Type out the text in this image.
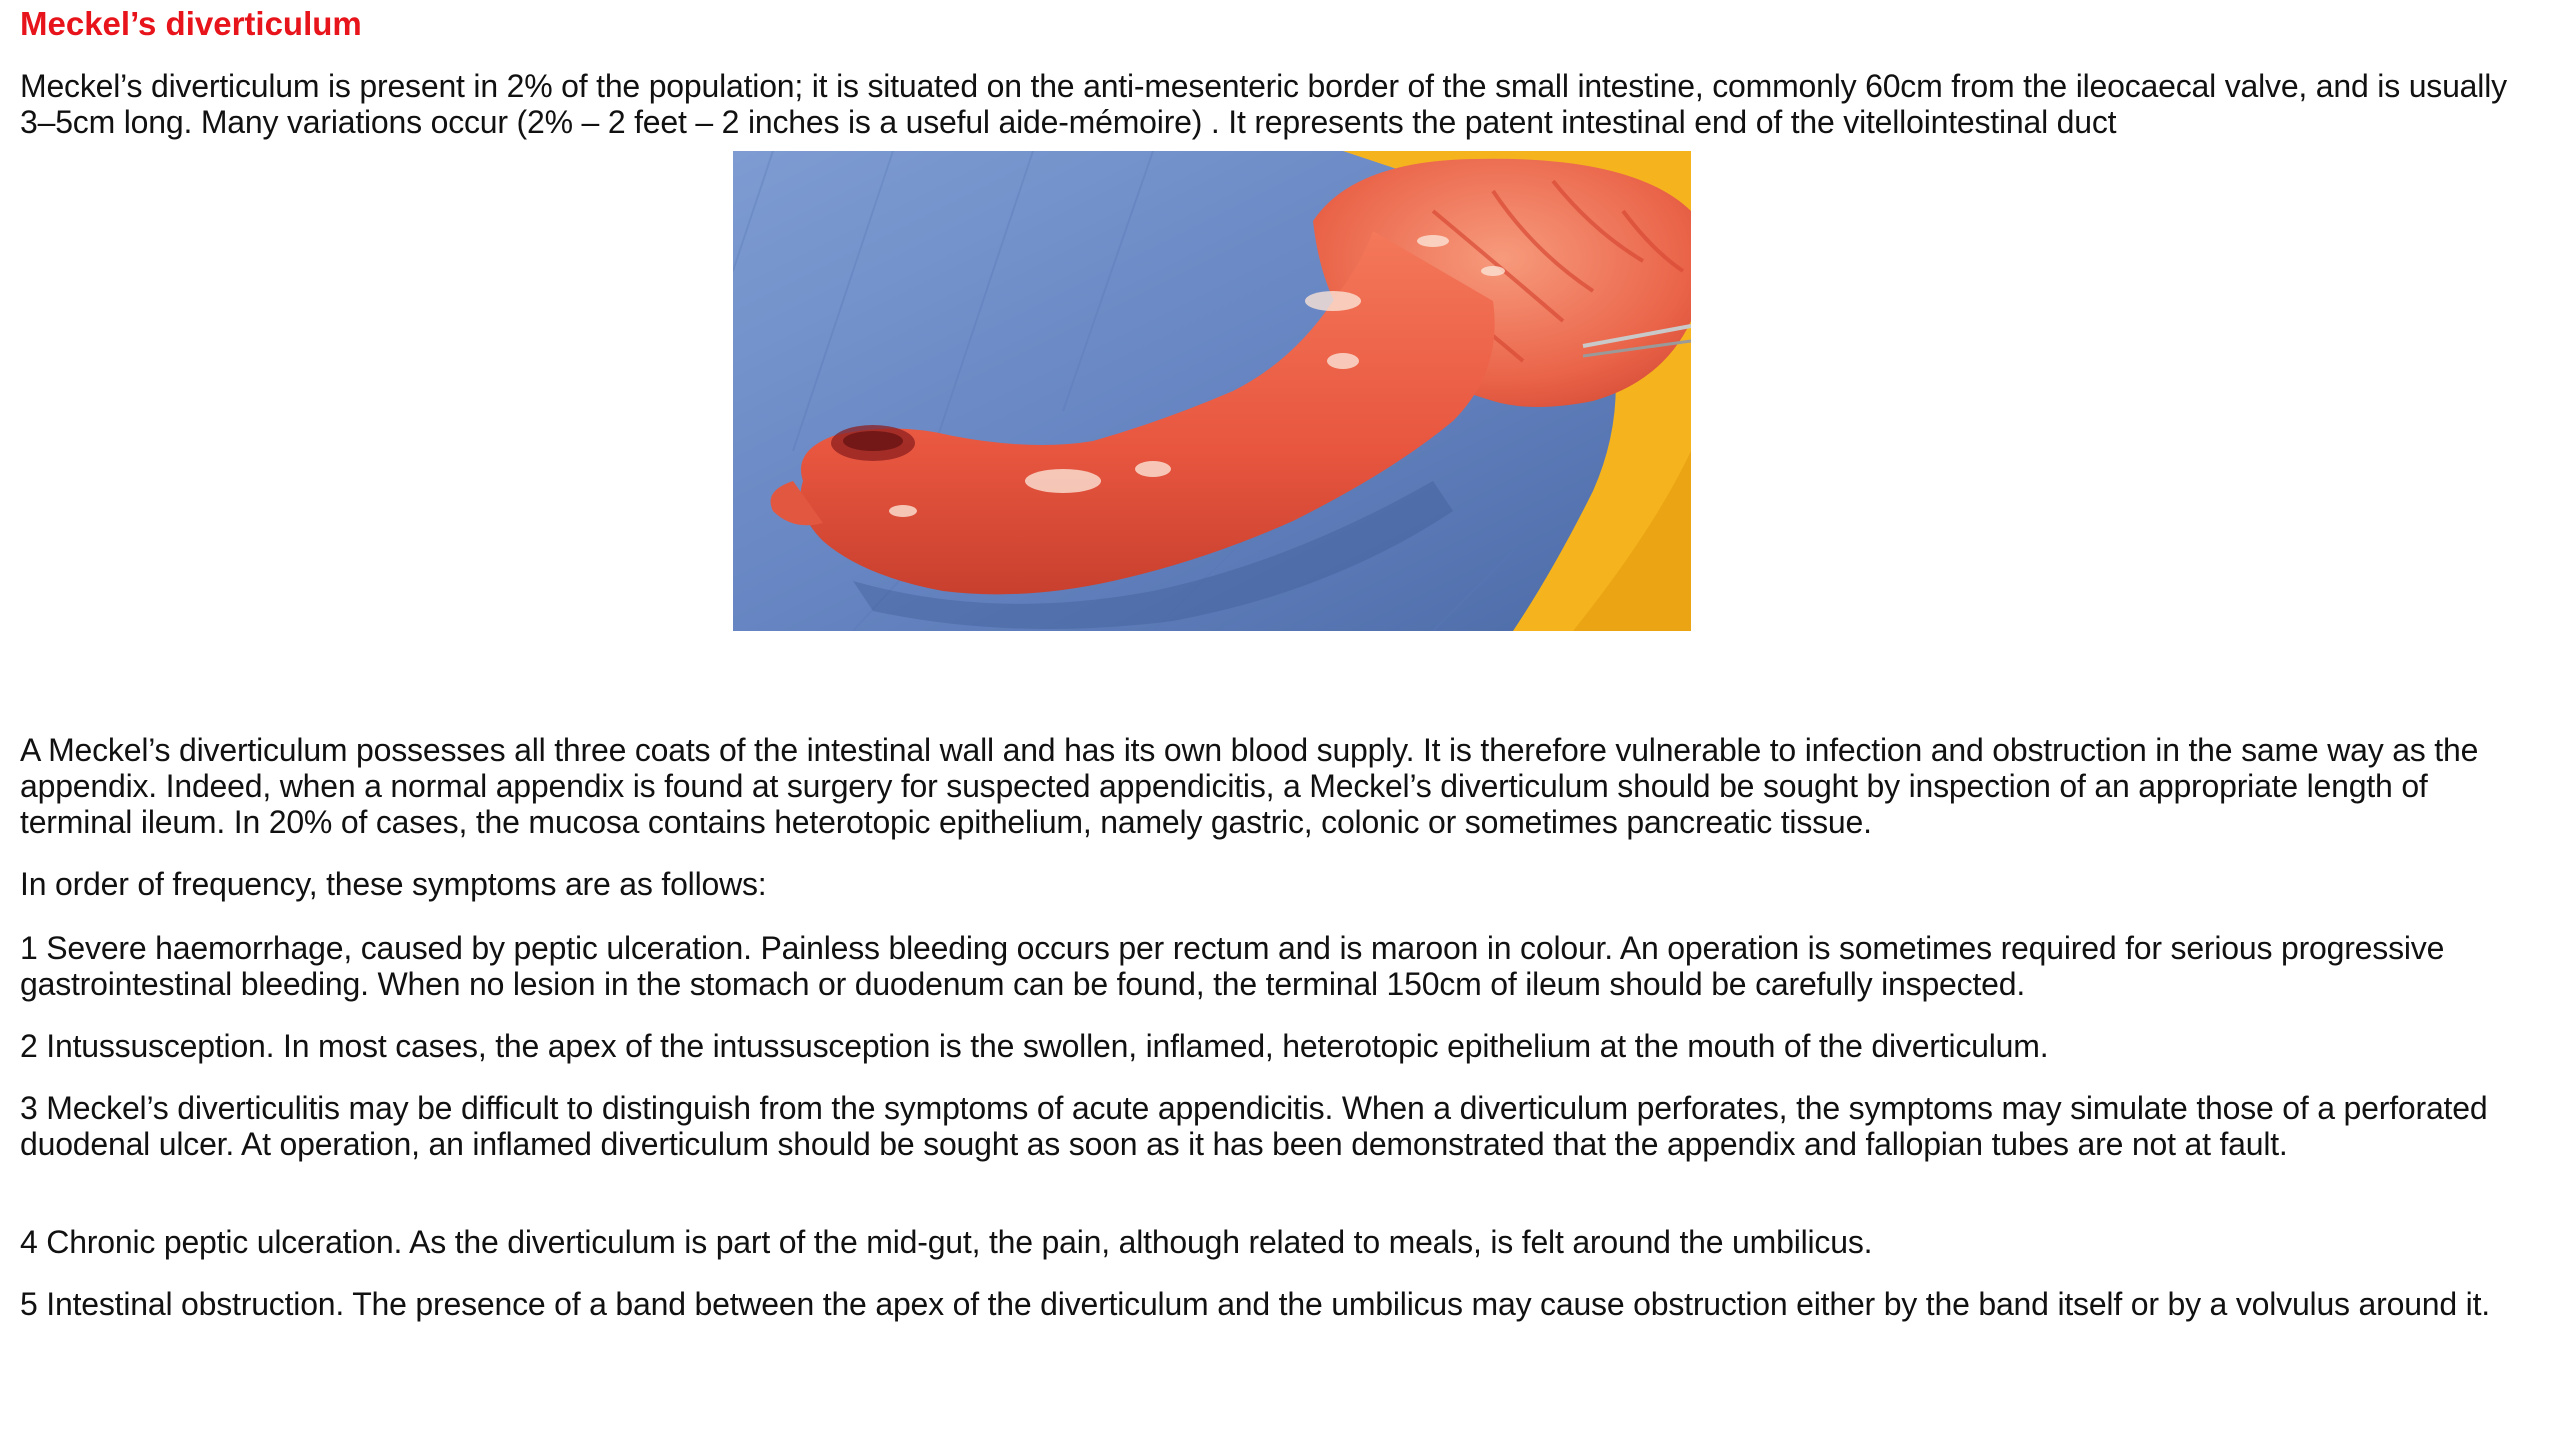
Meckel’s diverticulum

Meckel’s diverticulum is present in 2% of the population; it is situated on the anti-mesenteric border of the small intestine, commonly 60cm from the ileocaecal valve, and is usually 3–5cm long. Many variations occur (2% – 2 feet – 2 inches is a useful aide-mémoire) . It represents the patent intestinal end of the vitellointestinal duct

A Meckel’s diverticulum possesses all three coats of the intestinal wall and has its own blood supply. It is therefore vulnerable to infection and obstruction in the same way as the appendix. Indeed, when a normal appendix is found at surgery for suspected appendicitis, a Meckel’s diverticulum should be sought by inspection of an appropriate length of terminal ileum. In 20% of cases, the mucosa contains heterotopic epithelium, namely gastric, colonic or sometimes pancreatic tissue.

In order of frequency, these symptoms are as follows:

1 Severe haemorrhage, caused by peptic ulceration. Painless bleeding occurs per rectum and is maroon in colour. An operation is sometimes required for serious progressive gastrointestinal bleeding. When no lesion in the stomach or duodenum can be found, the terminal 150cm of ileum should be carefully inspected.

2 Intussusception. In most cases, the apex of the intussusception is the swollen, inflamed, heterotopic epithelium at the mouth of the diverticulum.

3 Meckel’s diverticulitis may be difficult to distinguish from the symptoms of acute appendicitis. When a diverticulum perforates, the symptoms may simulate those of a perforated duodenal ulcer. At operation, an inflamed diverticulum should be sought as soon as it has been demonstrated that the appendix and fallopian tubes are not at fault.

4 Chronic peptic ulceration. As the diverticulum is part of the mid-gut, the pain, although related to meals, is felt around the umbilicus.

5 Intestinal obstruction. The presence of a band between the apex of the diverticulum and the umbilicus may cause obstruction either by the band itself or by a volvulus around it.
